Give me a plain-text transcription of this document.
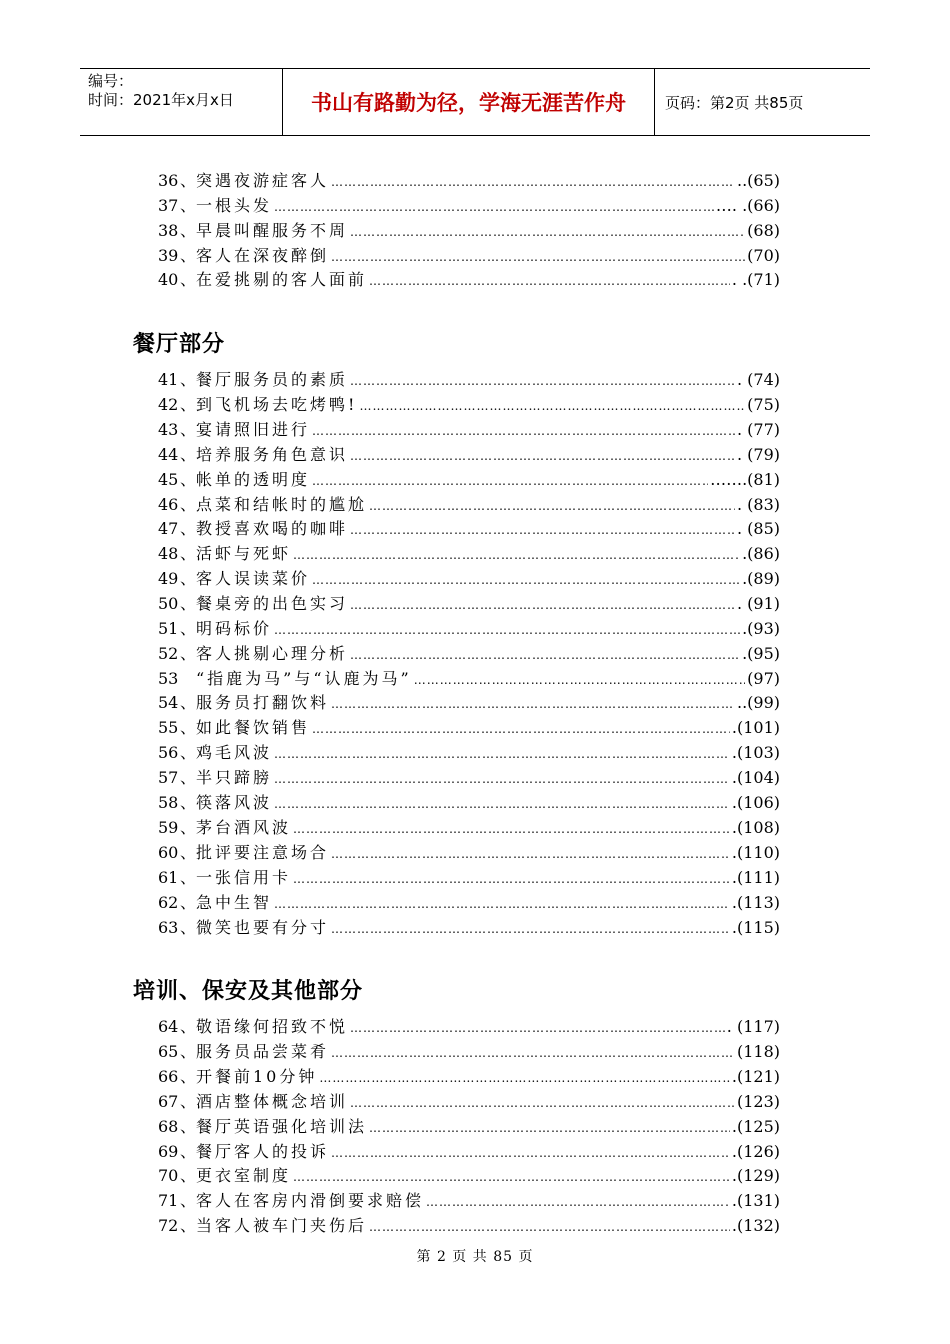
编号：
时间：2021年x月x日	书山有路勤为径，学海无涯苦作舟	页码：第2页 共85页
36 、 突遇夜游症客人 ………………………………………………………………………………………………………………………………………	..(65)
37 、 一根头发 ………………………………………………………………………………………………………………………………………	…. .(66)
38 、 早晨叫醒服务不周 ………………………………………………………………………………………………………………………………………	(68)
39 、 客人在深夜醉倒 ………………………………………………………………………………………………………………………………………	(70)
40 、 在爱挑剔的客人面前 ………………………………………………………………………………………………………………………………………	. .(71)
餐厅部分
41 、 餐厅服务员的素质 ………………………………………………………………………………………………………………………………………	. (74)
42 、 到飞机场去吃烤鸭! ………………………………………………………………………………………………………………………………………	(75)
43 、 宴请照旧进行 ………………………………………………………………………………………………………………………………………	. (77)
44 、 培养服务角色意识 ………………………………………………………………………………………………………………………………………	. (79)
45 、 帐单的透明度 ………………………………………………………………………………………………………………………………………	…….(81)
46 、 点菜和结帐时的尴尬 ………………………………………………………………………………………………………………………………………	. (83)
47 、 教授喜欢喝的咖啡 ………………………………………………………………………………………………………………………………………	. (85)
48 、 活虾与死虾 ………………………………………………………………………………………………………………………………………	.(86)
49 、 客人误读菜价 ………………………………………………………………………………………………………………………………………	.(89)
50 、 餐桌旁的出色实习 ………………………………………………………………………………………………………………………………………	. (91)
51 、 明码标价 ………………………………………………………………………………………………………………………………………	.(93)
52 、 客人挑剔心理分析 ………………………………………………………………………………………………………………………………………	.(95)
53 “指鹿为马”与“认鹿为马” ………………………………………………………………………………………………………………………………………	(97)
54 、 服务员打翻饮料 ………………………………………………………………………………………………………………………………………	..(99)
55 、 如此餐饮销售 ………………………………………………………………………………………………………………………………………	.(101)
56 、 鸡毛风波 ………………………………………………………………………………………………………………………………………	.(103)
57 、 半只蹄膀 ………………………………………………………………………………………………………………………………………	.(104)
58 、 筷落风波 ………………………………………………………………………………………………………………………………………	.(106)
59 、 茅台酒风波 ………………………………………………………………………………………………………………………………………	.(108)
60 、 批评要注意场合 ………………………………………………………………………………………………………………………………………	.(110)
61 、 一张信用卡 ………………………………………………………………………………………………………………………………………	.(111)
62 、 急中生智 ………………………………………………………………………………………………………………………………………	.(113)
63 、 微笑也要有分寸 ………………………………………………………………………………………………………………………………………	.(115)
培训、保安及其他部分
64 、 敬语缘何招致不悦 ………………………………………………………………………………………………………………………………………	. (117)
65 、 服务员品尝菜肴 ………………………………………………………………………………………………………………………………………	(118)
66 、 开餐前10分钟 ………………………………………………………………………………………………………………………………………	.(121)
67 、 酒店整体概念培训 ………………………………………………………………………………………………………………………………………	(123)
68 、 餐厅英语强化培训法 ………………………………………………………………………………………………………………………………………	.(125)
69 、 餐厅客人的投诉 ………………………………………………………………………………………………………………………………………	.(126)
70 、 更衣室制度 ………………………………………………………………………………………………………………………………………	.(129)
71 、 客人在客房内滑倒要求赔偿 ………………………………………………………………………………………………………………………………………	.(131)
72 、 当客人被车门夹伤后 ………………………………………………………………………………………………………………………………………	.(132)
第 2 页 共 85 页
